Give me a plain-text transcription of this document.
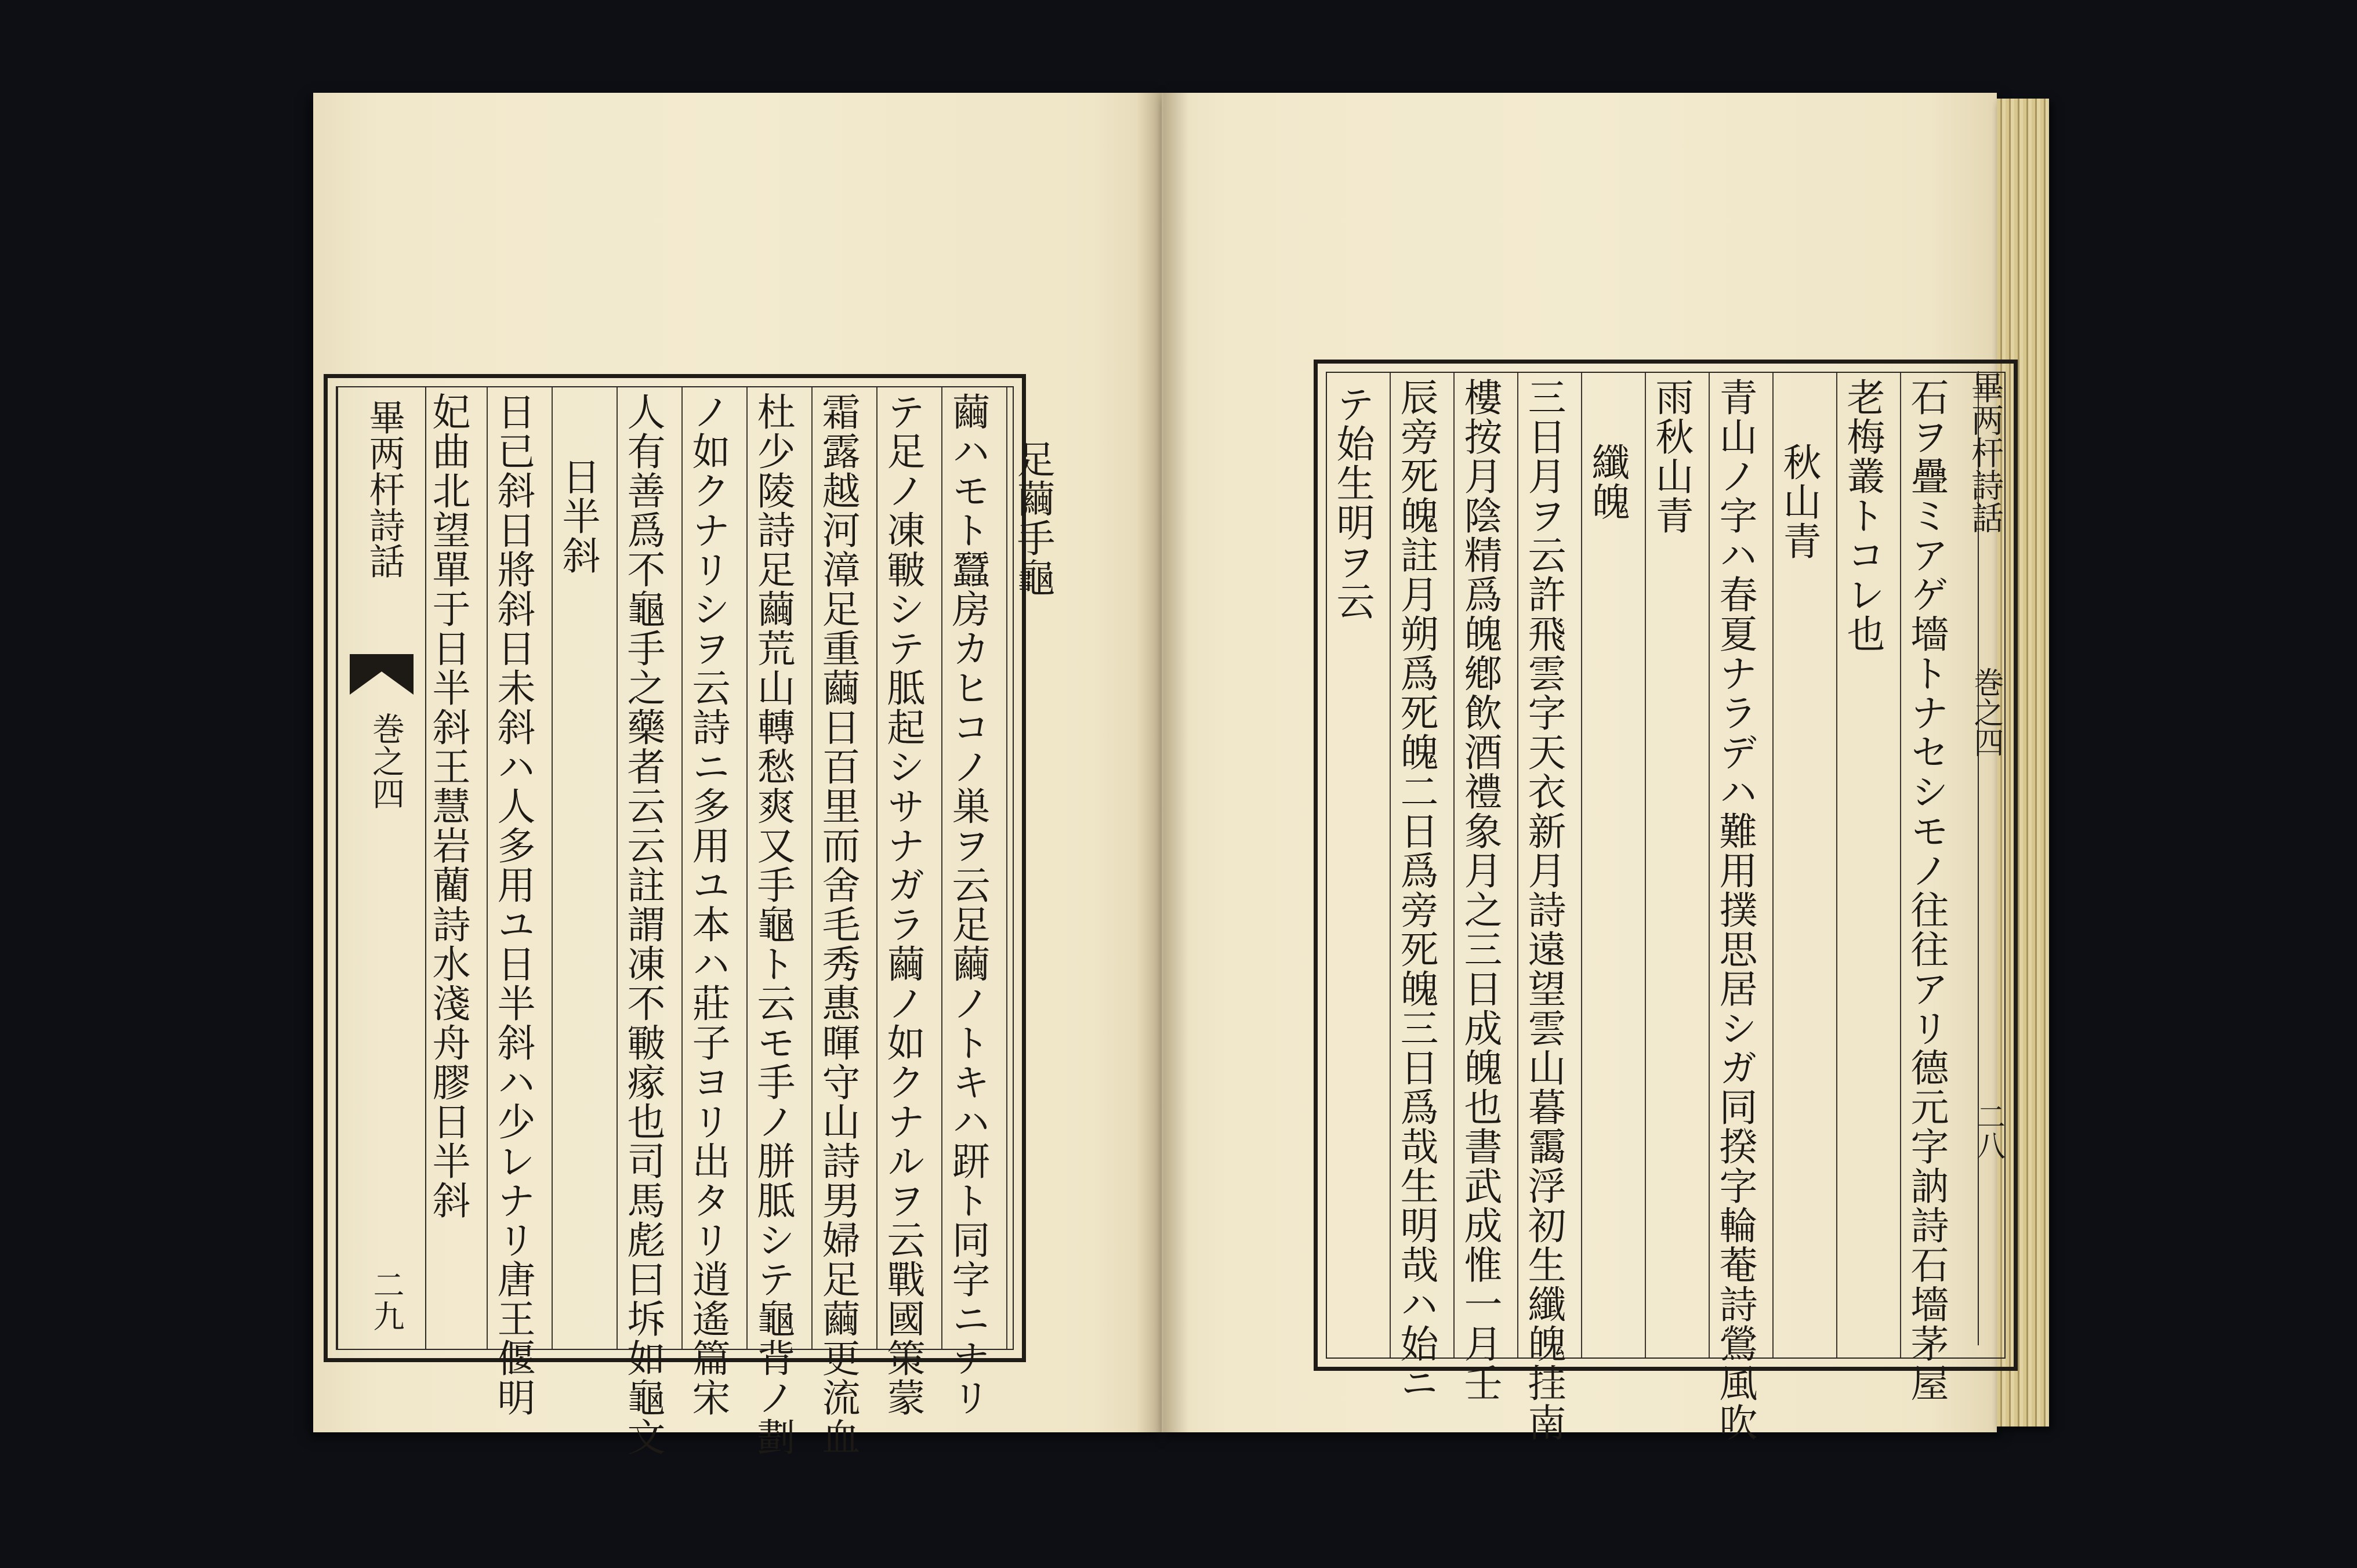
畢两杆詩話
巻之四
二九
妃曲北望單于日半斜王慧岩藺詩水淺舟膠日半斜 日已斜日將斜日未斜ハ人多用ユ日半斜ハ少レナリ唐王偃明 日半斜 人有善爲不龜手之藥者云云註謂凍不皸瘃也司馬彪曰坼如龜文 ノ如クナリシヲ云詩ニ多用ユ本ハ莊子ヨリ出タリ逍遙篇宋 杜少陵詩足繭荒山轉愁爽又手龜ト云モ手ノ胼胝シテ龜背ノ劃 霜露越河漳足重繭日百里而舍毛秀惠暉守山詩男婦足繭更流血 テ足ノ凍皸シテ胝起シサナガラ繭ノ如クナルヲ云戰國策蒙 繭ハモト蠶房カヒコノ巣ヲ云足繭ノトキハ趼ト同字ニナリ 足繭手龜	テ始生明ヲ云 辰旁死魄註月朔爲死魄二日爲旁死魄三日爲哉生明哉ハ始ニ 樓按月陰精爲魄鄕飲酒禮象月之三日成魄也書武成惟一月壬 三日月ヲ云許飛雲字天衣新月詩遠望雲山暮靄浮初生纖魄挂南 纖魄 雨秋山青 青山ノ字ハ春夏ナラデハ難用撲思居シガ同揆字輪菴詩鶯風吹 秋山青 老梅叢トコレ也 石ヲ疊ミアゲ墻トナセシモノ往往アリ德元字訥詩石墻茅屋 畢两杆詩話
巻之四
二八
